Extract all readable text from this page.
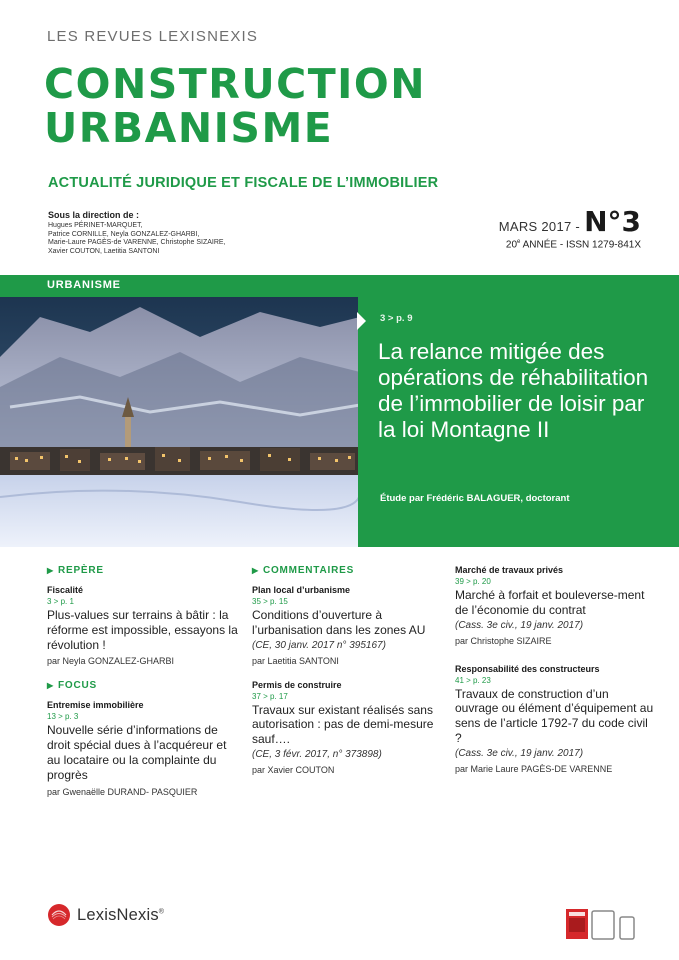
LES REVUES LEXISNEXIS
CONSTRUCTION
URBANISME
ACTUALITÉ JURIDIQUE ET FISCALE DE L’IMMOBILIER
Sous la direction de :
Hugues PÉRINET-MARQUET,
Patrice CORNILLE, Neyla GONZALEZ-GHARBI,
Marie-Laure PAGÈS-de VARENNE, Christophe SIZAIRE,
Xavier COUTON, Laetitia SANTONI
MARS 2017 - N°3
20e ANNÉE - ISSN 1279-841X
URBANISME
3 > p. 9
La relance mitigée des opérations de réhabilitation de l’immobilier de loisir par la loi Montagne II
Étude par Frédéric BALAGUER, doctorant
▶ REPÈRE
Fiscalité
3 > p. 1
Plus-values sur terrains à bâtir : la réforme est impossible, essayons la révolution !
par Neyla GONZALEZ-GHARBI
▶ FOCUS
Entremise immobilière
13 > p. 3
Nouvelle série d’informations de droit spécial dues à l’acquéreur et au locataire ou la complainte du progrès
par Gwenaëlle DURAND- PASQUIER
▶ COMMENTAIRES
Plan local d’urbanisme
35 > p. 15
Conditions d’ouverture à l’urbanisation dans les zones AU
(CE, 30 janv. 2017 n° 395167)
par Laetitia SANTONI
Permis de construire
37 > p. 17
Travaux sur existant réalisés sans autorisation : pas de demi-mesure sauf….
(CE, 3 févr. 2017, n° 373898)
par Xavier COUTON
Marché de travaux privés
39 > p. 20
Marché à forfait et bouleverse-ment de l’économie du contrat
(Cass. 3e civ., 19 janv. 2017)
par Christophe SIZAIRE
Responsabilité des constructeurs
41 > p. 23
Travaux de construction d’un ouvrage ou élément d’équipement au sens de l’article 1792-7 du code civil ?
(Cass. 3e civ., 19 janv. 2017)
par Marie Laure PAGÈS-DE VARENNE
LexisNexis®
